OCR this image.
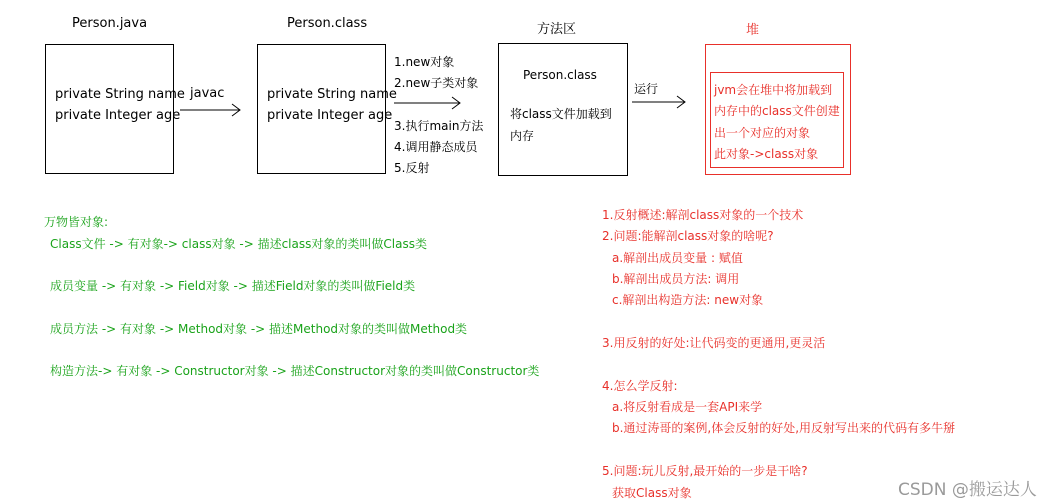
Person.java	Person.class	方法区	堆
private String name
private Integer age
javac	private String name
private Integer age
1.new对象
2.new子类对象
3.执行main方法
4.调用静态成员
5.反射
Person.class
将class文件加载到
内存
运行	jvm会在堆中将加载到
内存中的class文件创建
出一个对应的对象
此对象->class对象
万物皆对象:
Class文件 -> 有对象-> class对象 -> 描述class对象的类叫做Class类
成员变量 -> 有对象 -> Field对象 -> 描述Field对象的类叫做Field类
成员方法 -> 有对象 -> Method对象 -> 描述Method对象的类叫做Method类
构造方法-> 有对象 -> Constructor对象 -> 描述Constructor对象的类叫做Constructor类
1.反射概述:解剖class对象的一个技术
2.问题:能解剖class对象的啥呢?
a.解剖出成员变量 : 赋值
b.解剖出成员方法: 调用
c.解剖出构造方法: new对象
3.用反射的好处:让代码变的更通用,更灵活
4.怎么学反射:
a.将反射看成是一套API来学
b.通过涛哥的案例,体会反射的好处,用反射写出来的代码有多牛掰
5.问题:玩儿反射,最开始的一步是干啥?
获取Class对象	CSDN @搬运达人
